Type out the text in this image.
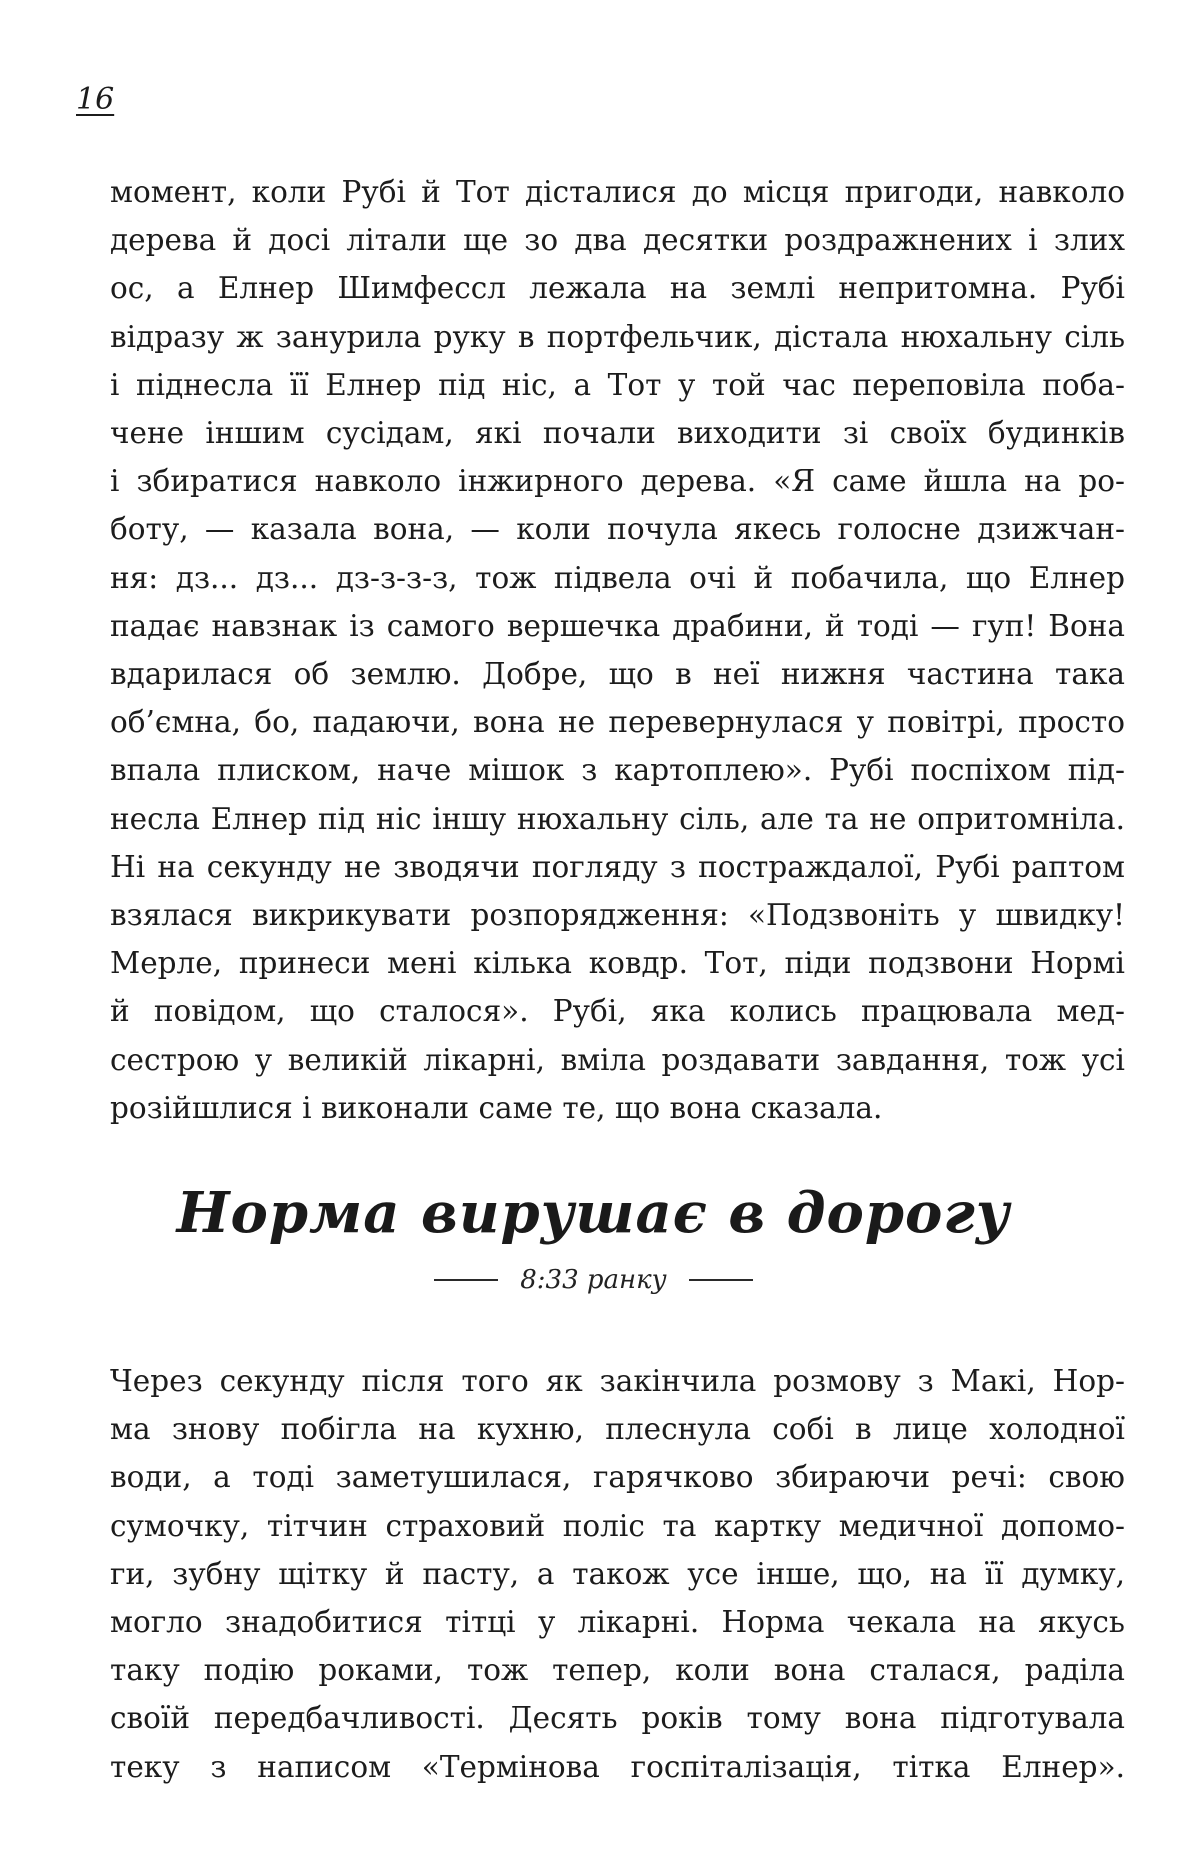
16

момент, коли Рубі й Тот дісталися до місця пригоди, навколо
дерева й досі літали ще зо два десятки роздражнених і злих
ос, а Елнер Шимфессл лежала на землі непритомна. Рубі
відразу ж занурила руку в портфельчик, дістала нюхальну сіль
і піднесла її Елнер під ніс, а Тот у той час переповіла поба-
чене іншим сусідам, які почали виходити зі своїх будинків
і збиратися навколо інжирного дерева. «Я саме йшла на ро-
боту, — казала вона, — коли почула якесь голосне дзижчан-
ня: дз... дз... дз-з-з-з, тож підвела очі й побачила, що Елнер
падає навзнак із самого вершечка драбини, й тоді — гуп! Вона
вдарилася об землю. Добре, що в неї нижня частина така
об’ємна, бо, падаючи, вона не перевернулася у повітрі, просто
впала плиском, наче мішок з картоплею». Рубі поспіхом під-
несла Елнер під ніс іншу нюхальну сіль, але та не опритомніла.
Ні на секунду не зводячи погляду з постраждалої, Рубі раптом
взялася викрикувати розпорядження: «Подзвоніть у швидку!
Мерле, принеси мені кілька ковдр. Тот, піди подзвони Нормі
й повідом, що сталося». Рубі, яка колись працювала мед-
сестрою у великій лікарні, вміла роздавати завдання, тож усі
розійшлися і виконали саме те, що вона сказала.

Норма вирушає в дорогу
8:33 ранку

Через секунду після того як закінчила розмову з Макі, Нор-
ма знову побігла на кухню, плеснула собі в лице холодної
води, а тоді заметушилася, гарячково збираючи речі: свою
сумочку, тітчин страховий поліс та картку медичної допомо-
ги, зубну щітку й пасту, а також усе інше, що, на її думку,
могло знадобитися тітці у лікарні. Норма чекала на якусь
таку подію роками, тож тепер, коли вона сталася, раділа
своїй передбачливості. Десять років тому вона підготувала
теку з написом «Термінова госпіталізація, тітка Елнер».
